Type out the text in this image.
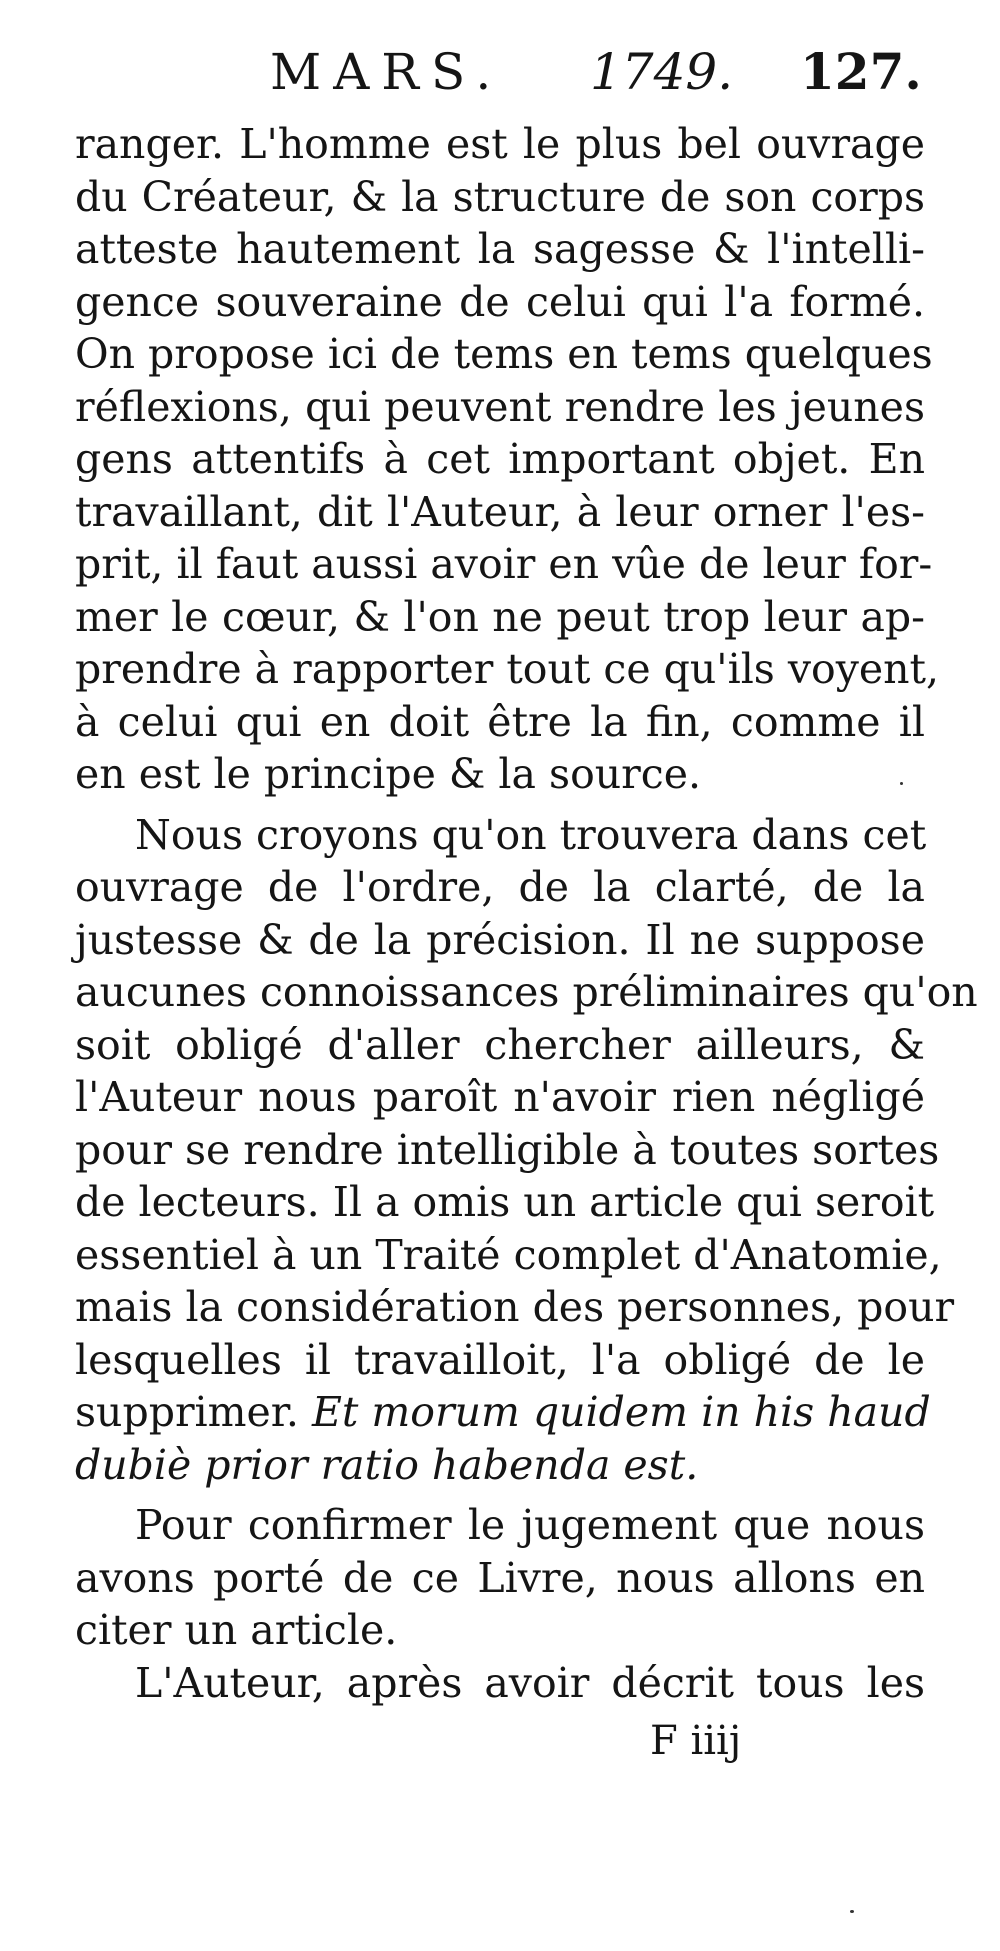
MARS. 1749. 127.
ranger. L'homme est le plus bel ouvrage
du Créateur, & la structure de son corps
atteste hautement la sagesse & l'intelli-
gence souveraine de celui qui l'a formé.
On propose ici de tems en tems quelques
réflexions, qui peuvent rendre les jeunes
gens attentifs à cet important objet. En
travaillant, dit l'Auteur, à leur orner l'es-
prit, il faut aussi avoir en vûe de leur for-
mer le cœur, & l'on ne peut trop leur ap-
prendre à rapporter tout ce qu'ils voyent,
à celui qui en doit être la fin, comme il
en est le principe & la source.
Nous croyons qu'on trouvera dans cet
ouvrage de l'ordre, de la clarté, de la
justesse & de la précision. Il ne suppose
aucunes connoissances préliminaires qu'on
soit obligé d'aller chercher ailleurs, &
l'Auteur nous paroît n'avoir rien négligé
pour se rendre intelligible à toutes sortes
de lecteurs. Il a omis un article qui seroit
essentiel à un Traité complet d'Anatomie,
mais la considération des personnes, pour
lesquelles il travailloit, l'a obligé de le
supprimer. Et morum quidem in his haud
dubiè prior ratio habenda est.
Pour confirmer le jugement que nous
avons porté de ce Livre, nous allons en
citer un article.
L'Auteur, après avoir décrit tous les
F iiij
